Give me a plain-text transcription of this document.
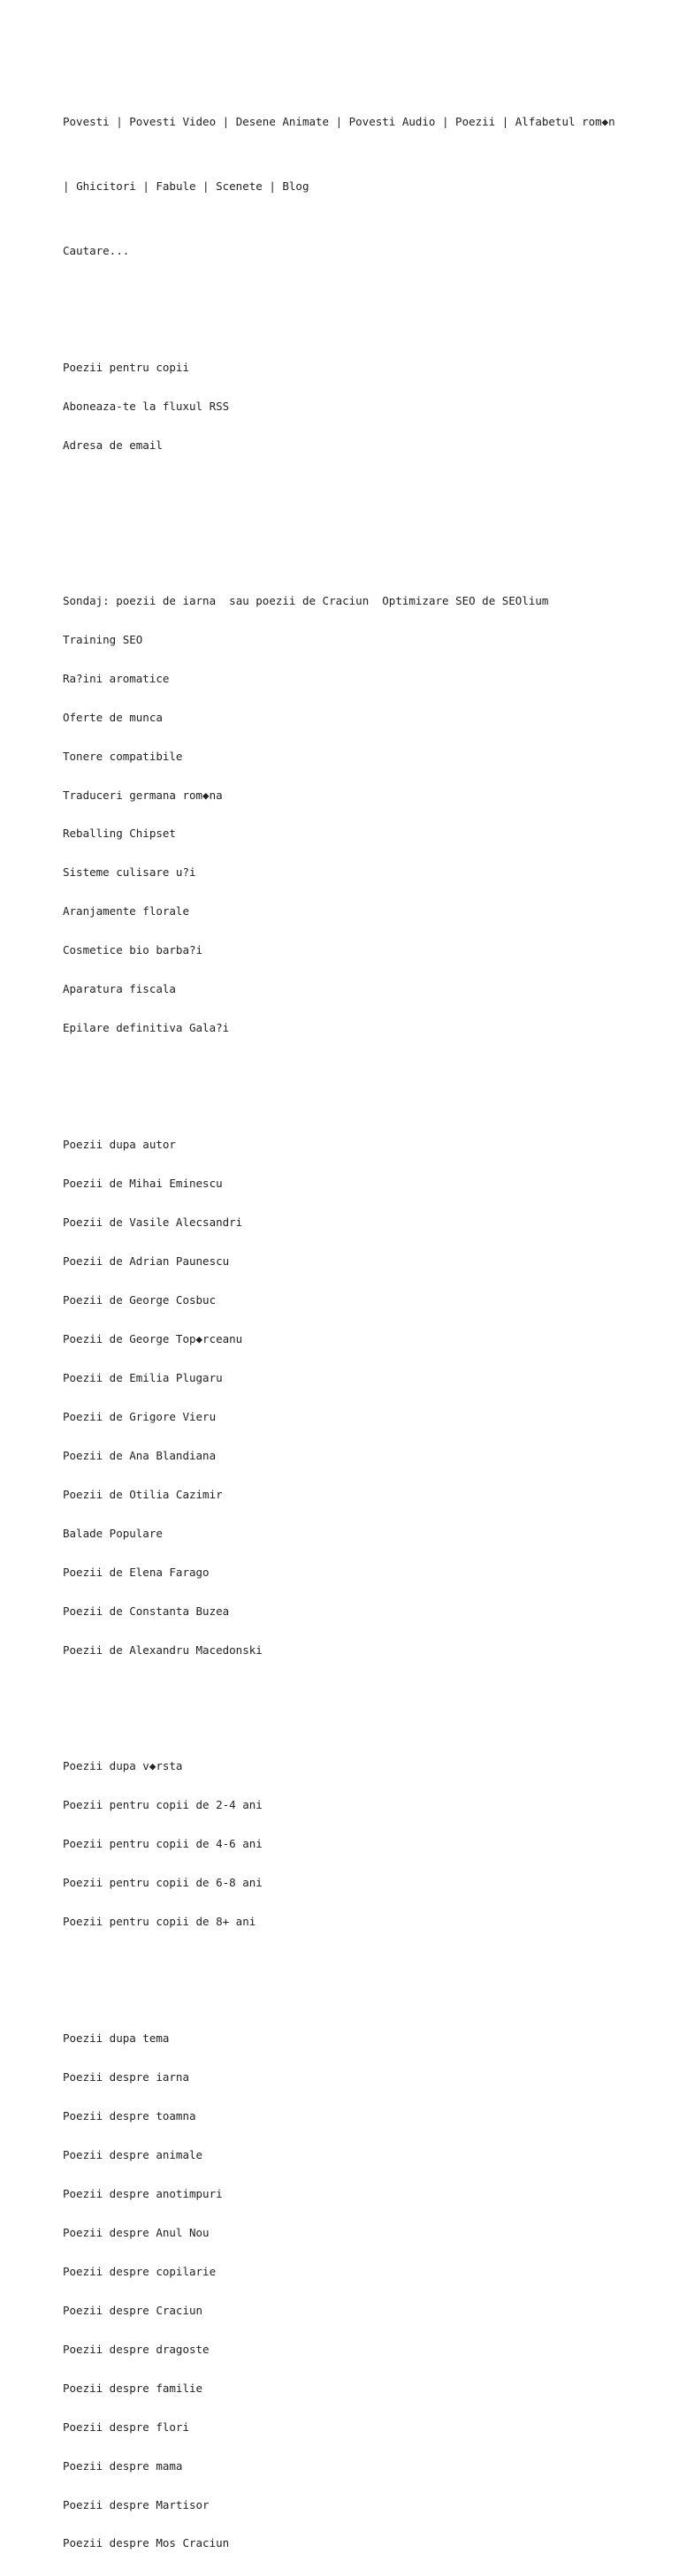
Povesti | Povesti Video | Desene Animate | Povesti Audio | Poezii | Alfabetul rom◆n

| Ghicitori | Fabule | Scenete | Blog

Cautare...

Poezii pentru copii

Aboneaza-te la fluxul RSS

Adresa de email

Sondaj: poezii de iarna sau poezii de Craciun Optimizare SEO de SEOlium

Training SEO

Ra?ini aromatice

Oferte de munca

Tonere compatibile

Traduceri germana rom◆na

Reballing Chipset

Sisteme culisare u?i

Aranjamente florale

Cosmetice bio barba?i

Aparatura fiscala

Epilare definitiva Gala?i

Poezii dupa autor

Poezii de Mihai Eminescu

Poezii de Vasile Alecsandri

Poezii de Adrian Paunescu

Poezii de George Cosbuc

Poezii de George Top◆rceanu

Poezii de Emilia Plugaru

Poezii de Grigore Vieru

Poezii de Ana Blandiana

Poezii de Otilia Cazimir

Balade Populare

Poezii de Elena Farago

Poezii de Constanta Buzea

Poezii de Alexandru Macedonski

Poezii dupa v◆rsta

Poezii pentru copii de 2-4 ani

Poezii pentru copii de 4-6 ani

Poezii pentru copii de 6-8 ani

Poezii pentru copii de 8+ ani

Poezii dupa tema

Poezii despre iarna

Poezii despre toamna

Poezii despre animale

Poezii despre anotimpuri

Poezii despre Anul Nou

Poezii despre copilarie

Poezii despre Craciun

Poezii despre dragoste

Poezii despre familie

Poezii despre flori

Poezii despre mama

Poezii despre Martisor

Poezii despre Mos Craciun
